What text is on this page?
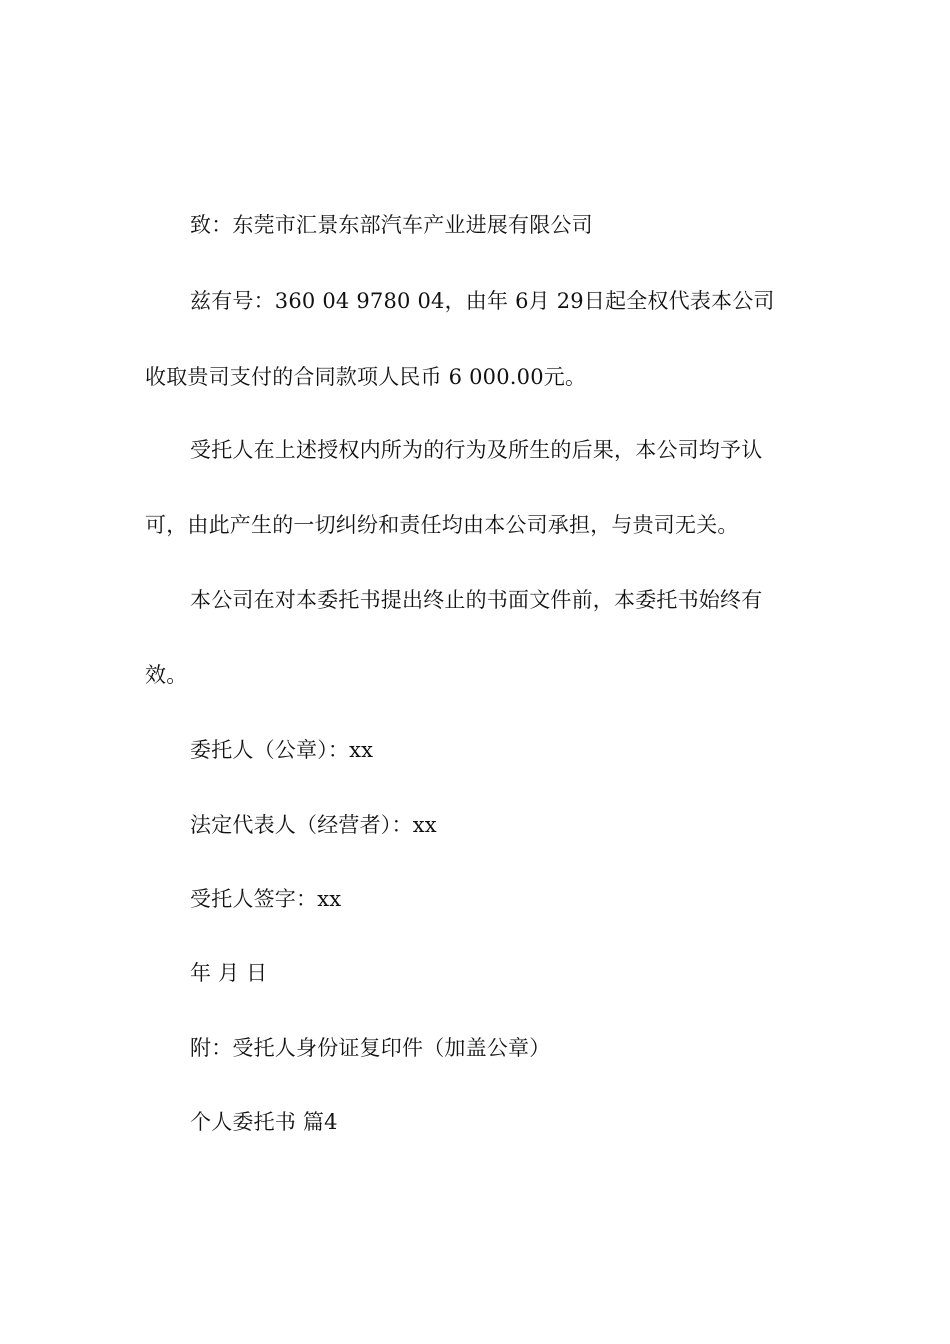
致：东莞市汇景东部汽车产业进展有限公司
兹有号：360 04 9780 04，由年 6月 29日起全权代表本公司
收取贵司支付的合同款项人民币 6 000.00元。
受托人在上述授权内所为的行为及所生的后果，本公司均予认
可，由此产生的一切纠纷和责任均由本公司承担，与贵司无关。
本公司在对本委托书提出终止的书面文件前，本委托书始终有
效。
委托人（公章）：xx
法定代表人（经营者）：xx
受托人签字：xx
年 月 日
附：受托人身份证复印件（加盖公章）
个人委托书 篇4
